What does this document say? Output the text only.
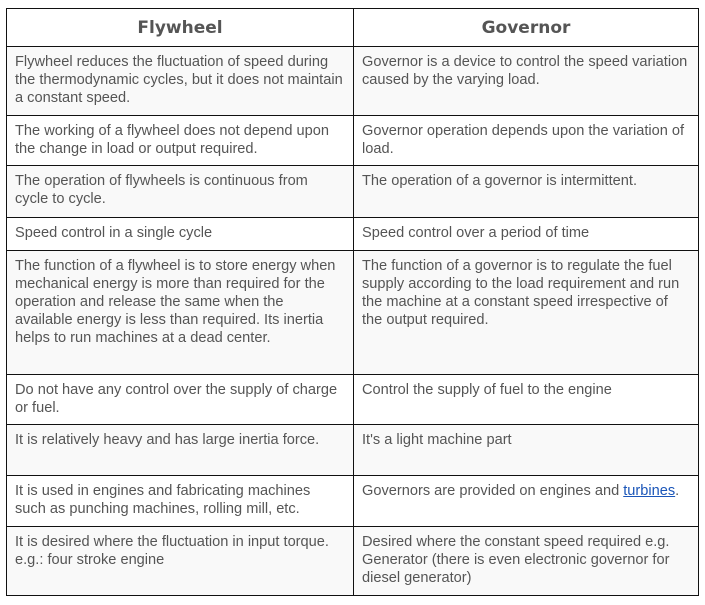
Flywheel	Governor
Flywheel reduces the fluctuation of speed during the thermodynamic cycles, but it does not maintain a constant speed.	Governor is a device to control the speed variation caused by the varying load.
The working of a flywheel does not depend upon the change in load or output required.	Governor operation depends upon the variation of load.
The operation of flywheels is continuous from cycle to cycle.	The operation of a governor is intermittent.
Speed control in a single cycle	Speed control over a period of time
The function of a flywheel is to store energy when mechanical energy is more than required for the operation and release the same when the available energy is less than required. Its inertia helps to run machines at a dead center.	The function of a governor is to regulate the fuel supply according to the load requirement and run the machine at a constant speed irrespective of the output required.
Do not have any control over the supply of charge or fuel.	Control the supply of fuel to the engine
It is relatively heavy and has large inertia force.	It's a light machine part
It is used in engines and fabricating machines such as punching machines, rolling mill, etc.	Governors are provided on engines and turbines.
It is desired where the fluctuation in input torque. e.g.: four stroke engine	Desired where the constant speed required e.g. Generator (there is even electronic governor for diesel generator)
